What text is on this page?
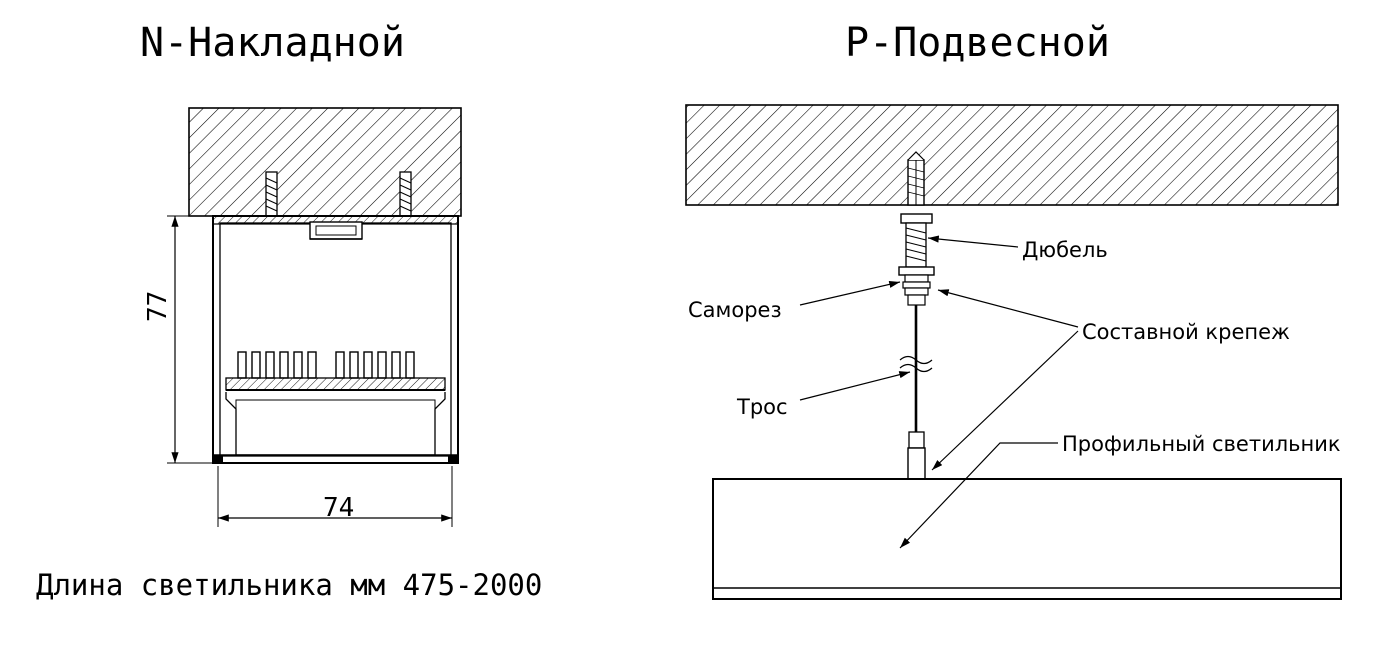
N-Накладной	P-Подвесной
Длина светильника мм 475-2000
74
77
Дюбель
Саморез
Составной крепеж
Трос
Профильный светильник
